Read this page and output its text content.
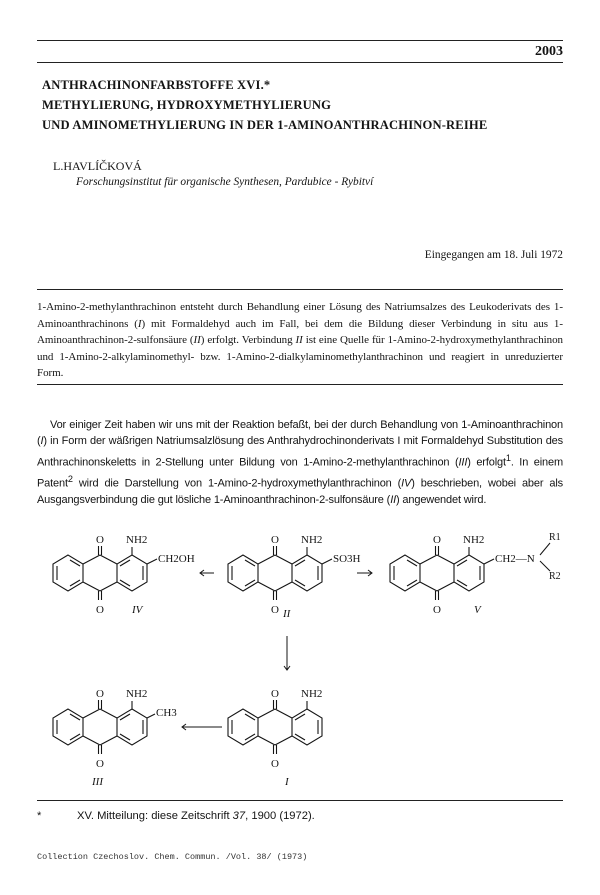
2003
ANTHRACHINONFARBSTOFFE XVI.*
METHYLIERUNG, HYDROXYMETHYLIERUNG
UND AMINOMETHYLIERUNG IN DER 1-AMINOANTHRACHINON-REIHE
L.HAVLÍČKOVÁ
Forschungsinstitut für organische Synthesen, Pardubice - Rybitví
Eingegangen am 18. Juli 1972
1-Amino-2-methylanthrachinon entsteht durch Behandlung einer Lösung des Natriumsalzes des Leukoderivats des 1-Aminoanthrachinons (I) mit Formaldehyd auch im Fall, bei dem die Bildung dieser Verbindung in situ aus 1-Aminoanthrachinon-2-sulfonsäure (II) erfolgt. Verbindung II ist eine Quelle für 1-Amino-2-hydroxymethylanthrachinon und 1-Amino-2-alkylaminomethyl- bzw. 1-Amino-2-dialkylaminomethylanthrachinon und reagiert in unreduzierter Form.
Vor einiger Zeit haben wir uns mit der Reaktion befaßt, bei der durch Behandlung von 1-Aminoanthrachinon (I) in Form der wäßrigen Natriumsalzlösung des Anthrahydrochinonderivats I mit Formaldehyd Substitution des Anthrachinonskeletts in 2-Stellung unter Bildung von 1-Amino-2-methylanthrachinon (III) erfolgt$^1$. In einem Patent$^2$ wird die Darstellung von 1-Amino-2-hydroxymethylanthrachinon (IV) beschrieben, wobei aber als Ausgangsverbindung die gut lösliche 1-Aminoanthrachinon-2-sulfonsäure (II) angewendet wird.
O
O
NH2
CH2OH
IV
O
O
NH2
SO3H
II
O
O
NH2
CH2—N
R1
R2
V
O
O
NH2
CH3
III
O
O
NH2
I
*	XV. Mitteilung: diese Zeitschrift 37, 1900 (1972).
Collection Czechoslov. Chem. Commun. /Vol. 38/ (1973)
